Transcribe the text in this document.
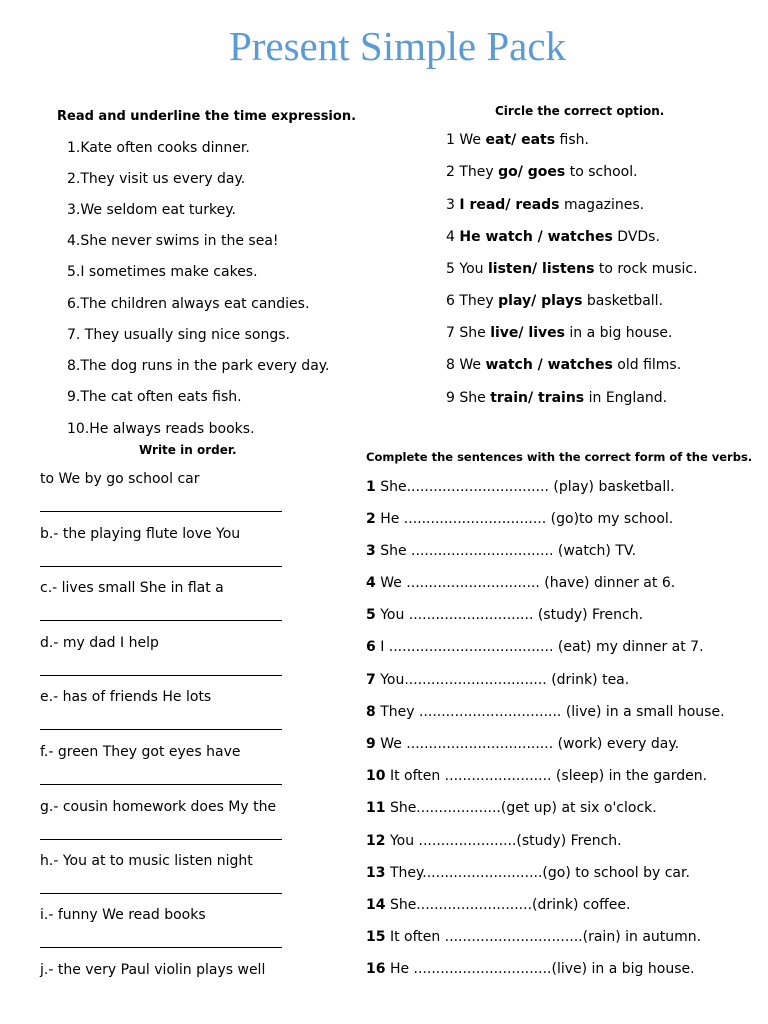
Present Simple Pack
Read and underline the time expression.
1.Kate often cooks dinner.
2.They visit us every day.
3.We seldom eat turkey.
4.She never swims in the sea!
5.I sometimes make cakes.
6.The children always eat candies.
7. They usually sing nice songs.
8.The dog runs in the park every day.
9.The cat often eats fish.
10.He always reads books.
Circle the correct option.
1 We eat/ eats fish.
2 They go/ goes to school.
3 I read/ reads magazines.
4 He watch / watches DVDs.
5 You listen/ listens to rock music.
6 They play/ plays basketball.
7 She live/ lives in a big house.
8 We watch / watches old films.
9 She train/ trains in England.
Write in order.
to We by go school car
b.- the playing flute love You
c.- lives small She in flat a
d.- my dad I help
e.- has of friends He lots
f.- green They got eyes have
g.- cousin homework does My the
h.- You at to music listen night
i.- funny We read books
j.- the very Paul violin plays well
Complete the sentences with the correct form of the verbs.
1 She................................ (play) basketball.
2 He ................................ (go)to my school.
3 She ................................ (watch) TV.
4 We .............................. (have) dinner at 6.
5 You ............................ (study) French.
6 I ..................................... (eat) my dinner at 7.
7 You................................ (drink) tea.
8 They ................................ (live) in a small house.
9 We ................................. (work) every day.
10 It often ........................ (sleep) in the garden.
11 She...................(get up) at six o'clock.
12 You ......................(study) French.
13 They...........................(go) to school by car.
14 She..........................(drink) coffee.
15 It often ...............................(rain) in autumn.
16 He ...............................(live) in a big house.
